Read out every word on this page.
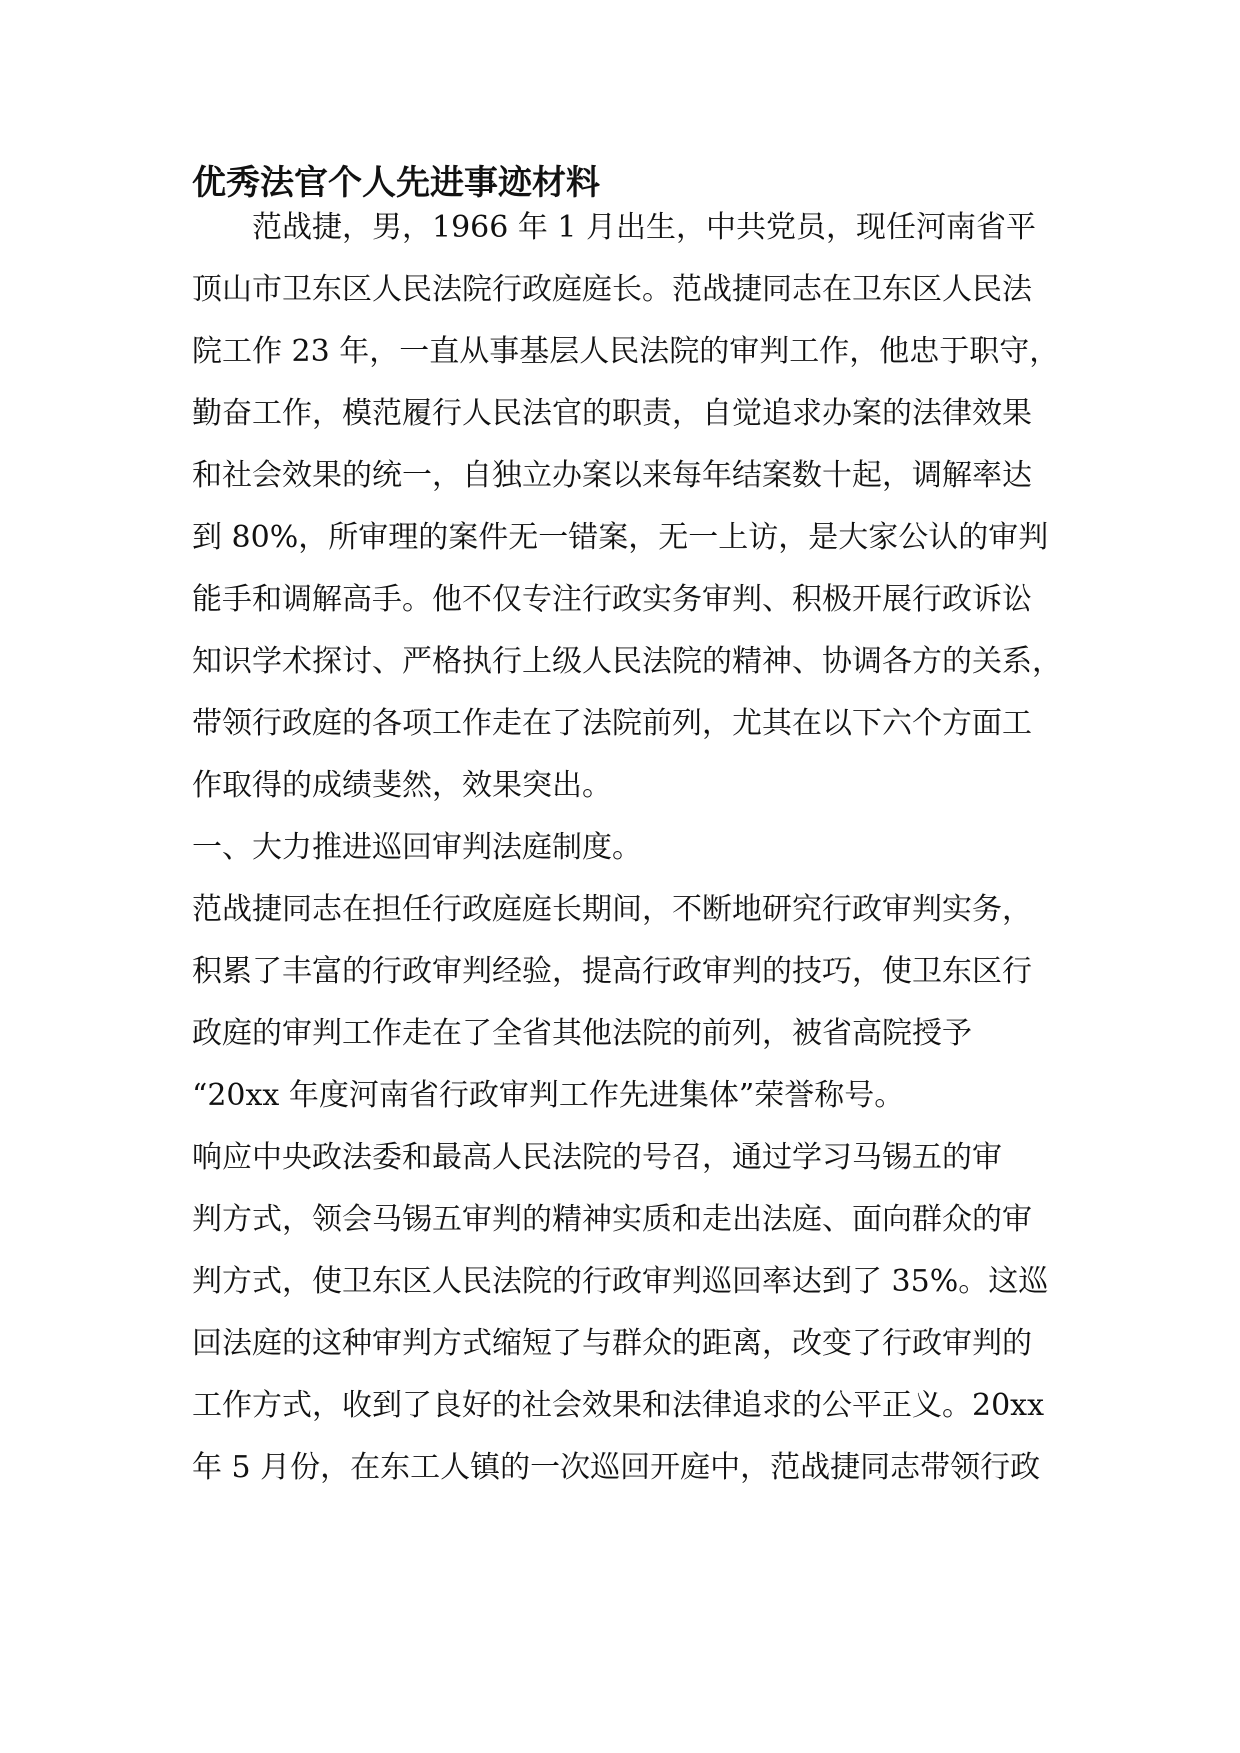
优秀法官个人先进事迹材料
　　范战捷，男，1966 年 1 月出生，中共党员，现任河南省平
顶山市卫东区人民法院行政庭庭长。范战捷同志在卫东区人民法
院工作 23 年，一直从事基层人民法院的审判工作，他忠于职守，
勤奋工作，模范履行人民法官的职责，自觉追求办案的法律效果
和社会效果的统一，自独立办案以来每年结案数十起，调解率达
到 80%，所审理的案件无一错案，无一上访，是大家公认的审判
能手和调解高手。他不仅专注行政实务审判、积极开展行政诉讼
知识学术探讨、严格执行上级人民法院的精神、协调各方的关系，
带领行政庭的各项工作走在了法院前列，尤其在以下六个方面工
作取得的成绩斐然，效果突出。
一、大力推进巡回审判法庭制度。
范战捷同志在担任行政庭庭长期间，不断地研究行政审判实务，
积累了丰富的行政审判经验，提高行政审判的技巧，使卫东区行
政庭的审判工作走在了全省其他法院的前列，被省高院授予
“20xx 年度河南省行政审判工作先进集体”荣誉称号。
响应中央政法委和最高人民法院的号召，通过学习马锡五的审
判方式，领会马锡五审判的精神实质和走出法庭、面向群众的审
判方式，使卫东区人民法院的行政审判巡回率达到了 35%。这巡
回法庭的这种审判方式缩短了与群众的距离，改变了行政审判的
工作方式，收到了良好的社会效果和法律追求的公平正义。20xx
年 5 月份，在东工人镇的一次巡回开庭中，范战捷同志带领行政
